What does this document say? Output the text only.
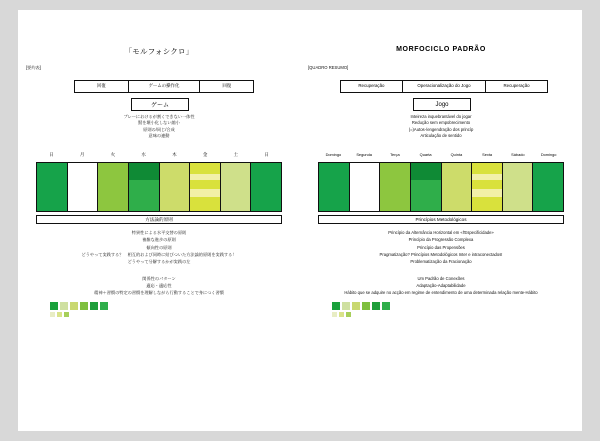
[要約表]
「モルフォシクロ」
回復	ゲームの操作化	回復
ゲーム
プレーにおけるが割くできない一体性
賢を壊小化しない縮小
原則の/同じ/合成
意味の連動
日	月	火	水	木	金	土	日
方法論的原則
特異性による水平交替の原則
複雑な進歩の原則
傾向性の原則
どうやって実践する？　相互的および同時に結びついた方法論的原則を実践する！
どうやって分解するかが実践の左
関係性のパターン
適応・適応性
精神＋習慣の特定の習慣を理解しながら行動することで身につく習慣
[QUADRO RESUMO]
MORFOCICLO PADRÃO
Recuperação	Operacionalização do Jogo	Recuperação
Jogo
Inteireza inquebrantável do jogar
Redução sem empobrecimento
(=)Autos-/engendração dos princíp
Articulação de sentido
Domingo	Segunda	Terça	Quarta	Quinta	Sexta	Sábado	Domingo
Princípios Metodológicos
Princípio da Alternância Horizontal em «l'Especificidade»
Princípio da Progressão Complexa
Princípio das Propensões
Pragmatização? Princípios Metodológicos Inter e intraconectados!
Problematização da Fracionação
Um Padrão de Conexões
Adaptação-Adaptabilidade
Hábito que se adquire no acção em regime de entendimento de uma determinada relação mente-Hábito
